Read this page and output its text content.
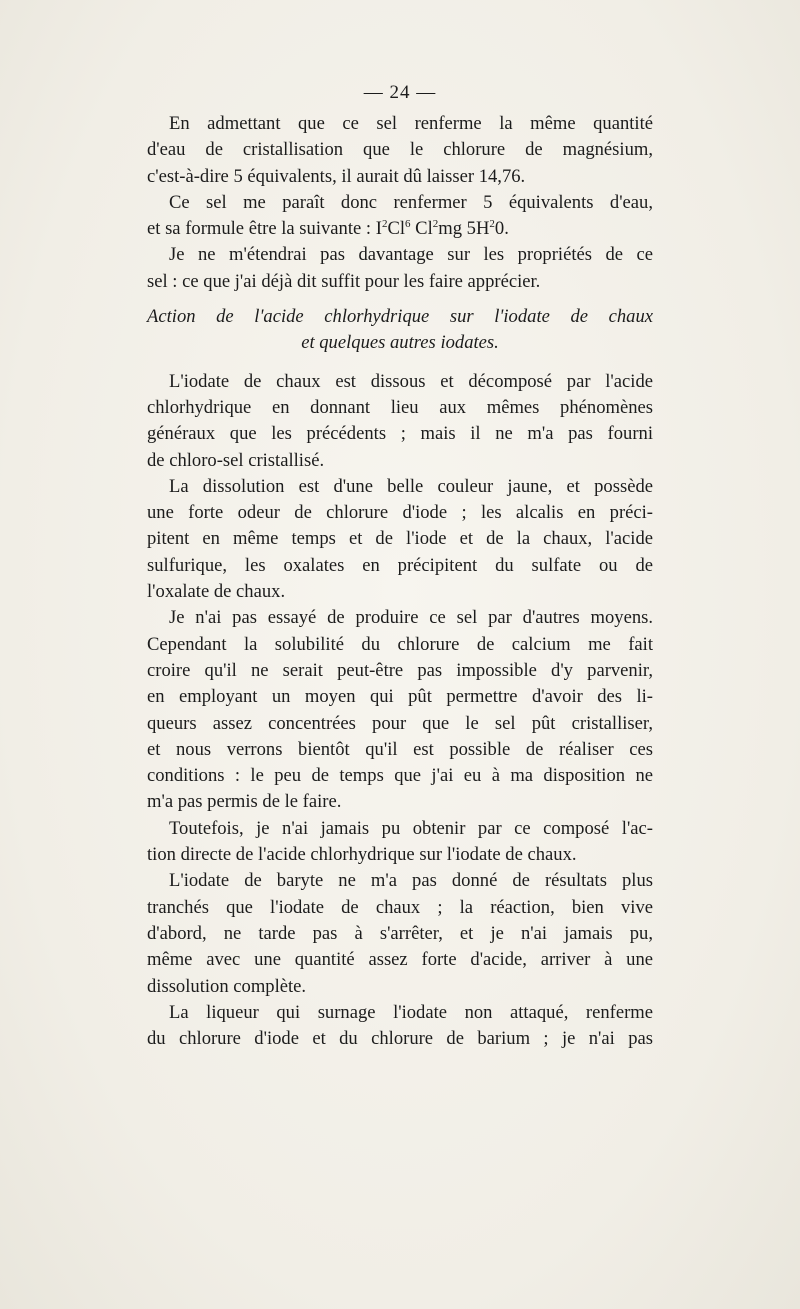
— 24 —
En admettant que ce sel renferme la même quantité
d'eau de cristallisation que le chlorure de magnésium,
c'est-à-dire 5 équivalents, il aurait dû laisser 14,76.
Ce sel me paraît donc renfermer 5 équivalents d'eau,
et sa formule être la suivante : $I^2Cl^6$ Cl$^2$mg $5H^20$.
Je ne m'étendrai pas davantage sur les propriétés de ce
sel : ce que j'ai déjà dit suffit pour les faire apprécier.
Action de l'acide chlorhydrique sur l'iodate de chaux
et quelques autres iodates.
L'iodate de chaux est dissous et décomposé par l'acide
chlorhydrique en donnant lieu aux mêmes phénomènes
généraux que les précédents ; mais il ne m'a pas fourni
de chloro-sel cristallisé.
La dissolution est d'une belle couleur jaune, et possède
une forte odeur de chlorure d'iode ; les alcalis en préci-
pitent en même temps et de l'iode et de la chaux, l'acide
sulfurique, les oxalates en précipitent du sulfate ou de
l'oxalate de chaux.
Je n'ai pas essayé de produire ce sel par d'autres moyens.
Cependant la solubilité du chlorure de calcium me fait
croire qu'il ne serait peut-être pas impossible d'y parvenir,
en employant un moyen qui pût permettre d'avoir des li-
queurs assez concentrées pour que le sel pût cristalliser,
et nous verrons bientôt qu'il est possible de réaliser ces
conditions : le peu de temps que j'ai eu à ma disposition ne
m'a pas permis de le faire.
Toutefois, je n'ai jamais pu obtenir par ce composé l'ac-
tion directe de l'acide chlorhydrique sur l'iodate de chaux.
L'iodate de baryte ne m'a pas donné de résultats plus
tranchés que l'iodate de chaux ; la réaction, bien vive
d'abord, ne tarde pas à s'arrêter, et je n'ai jamais pu,
même avec une quantité assez forte d'acide, arriver à une
dissolution complète.
La liqueur qui surnage l'iodate non attaqué, renferme
du chlorure d'iode et du chlorure de barium ; je n'ai pas
